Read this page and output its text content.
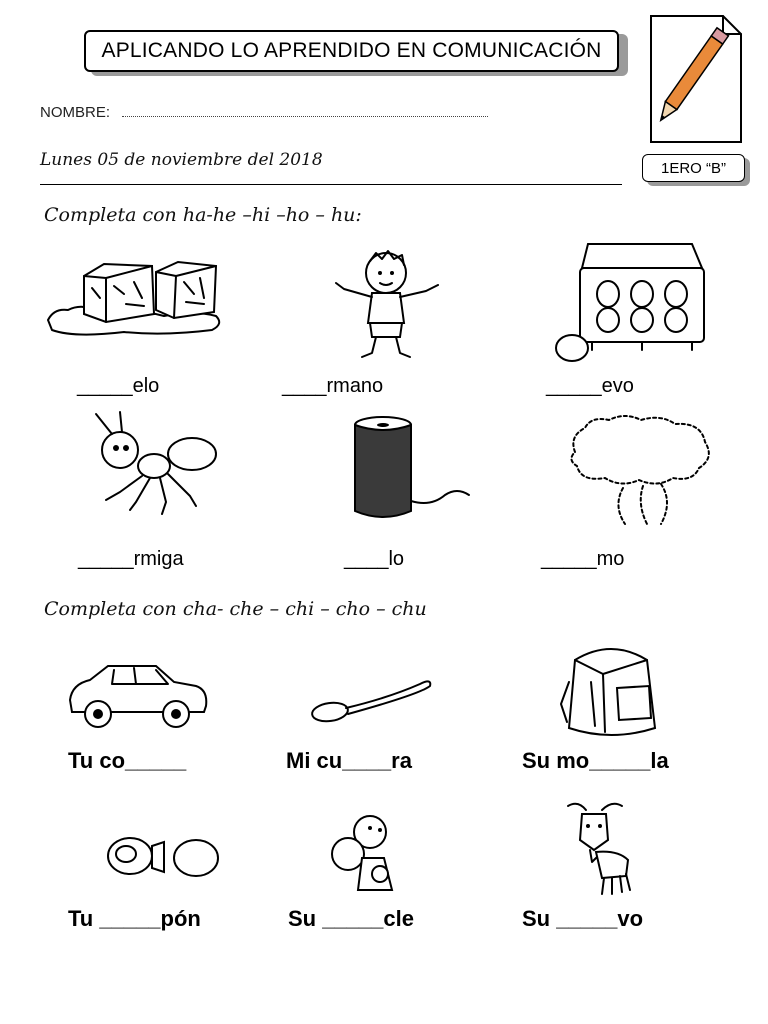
APLICANDO LO APRENDIDO EN COMUNICACIÓN
NOMBRE:
Lunes 05 de noviembre del 2018	1ERO “B”
Completa con ha-he –hi –ho – hu:
_____elo	____rmano	_____evo
_____rmiga	____lo	_____mo
Completa con cha- che – chi – cho – chu
Tu co_____	Mi cu____ra	Su mo_____la
Tu _____pón	Su _____cle	Su _____vo
